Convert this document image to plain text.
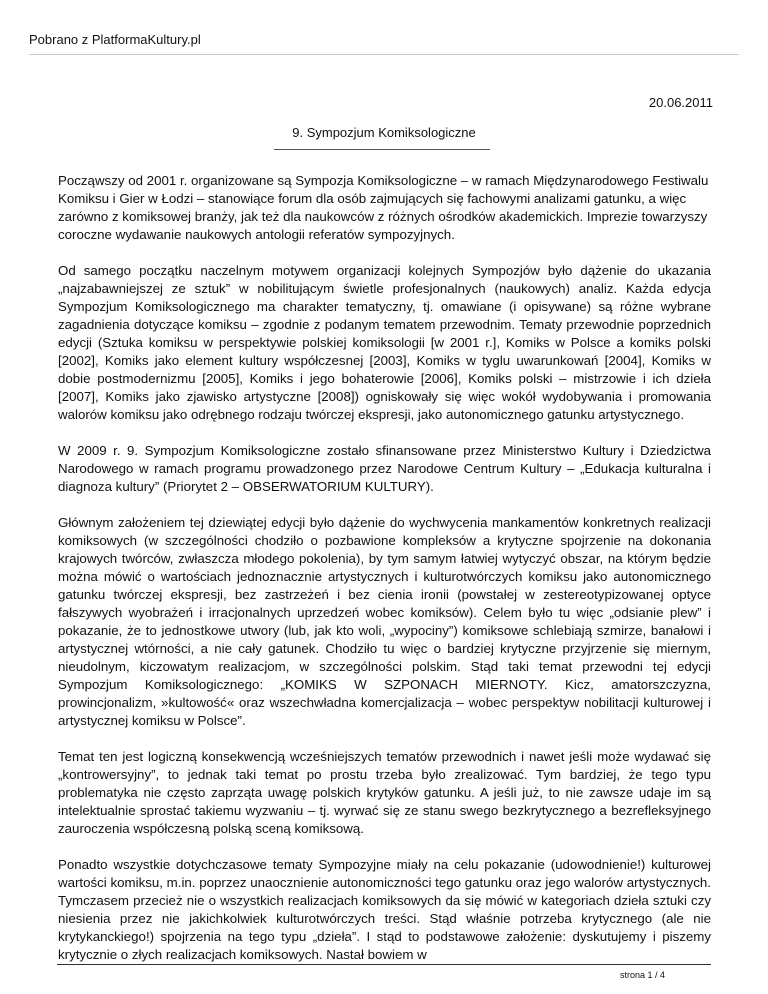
Pobrano z PlatformaKultury.pl
20.06.2011
9. Sympozjum Komiksologiczne

Począwszy od 2001 r. organizowane są Sympozja Komiksologiczne – w ramach Międzynarodowego Festiwalu Komiksu i Gier w Łodzi – stanowiące forum dla osób zajmujących się fachowymi analizami gatunku, a więc zarówno z komiksowej branży, jak też dla naukowców z różnych ośrodków akademickich. Imprezie towarzyszy coroczne wydawanie naukowych antologii referatów sympozyjnych.

Od samego początku naczelnym motywem organizacji kolejnych Sympozjów było dążenie do ukazania „najzabawniejszej ze sztuk” w nobilitującym świetle profesjonalnych (naukowych) analiz. Każda edycja Sympozjum Komiksologicznego ma charakter tematyczny, tj. omawiane (i opisywane) są różne wybrane zagadnienia dotyczące komiksu – zgodnie z podanym tematem przewodnim. Tematy przewodnie poprzednich edycji (Sztuka komiksu w perspektywie polskiej komiksologii [w 2001 r.], Komiks w Polsce a komiks polski [2002], Komiks jako element kultury współczesnej [2003], Komiks w tyglu uwarunkowań [2004], Komiks w dobie postmodernizmu [2005], Komiks i jego bohaterowie [2006], Komiks polski – mistrzowie i ich dzieła [2007], Komiks jako zjawisko artystyczne [2008]) ogniskowały się więc wokół wydobywania i promowania walorów komiksu jako odrębnego rodzaju twórczej ekspresji, jako autonomicznego gatunku artystycznego.

W 2009 r. 9. Sympozjum Komiksologiczne zostało sfinansowane przez Ministerstwo Kultury i Dziedzictwa Narodowego w ramach programu prowadzonego przez Narodowe Centrum Kultury – „Edukacja kulturalna i diagnoza kultury” (Priorytet 2 – OBSERWATORIUM KULTURY).

Głównym założeniem tej dziewiątej edycji było dążenie do wychwycenia mankamentów konkretnych realizacji komiksowych (w szczególności chodziło o pozbawione kompleksów a krytyczne spojrzenie na dokonania krajowych twórców, zwłaszcza młodego pokolenia), by tym samym łatwiej wytyczyć obszar, na którym będzie można mówić o wartościach jednoznacznie artystycznych i kulturotwórczych komiksu jako autonomicznego gatunku twórczej ekspresji, bez zastrzeżeń i bez cienia ironii (powstałej w zestereotypizowanej optyce fałszywych wyobrażeń i irracjonalnych uprzedzeń wobec komiksów). Celem było tu więc „odsianie plew” i pokazanie, że to jednostkowe utwory (lub, jak kto woli, „wypociny”) komiksowe schlebiają szmirze, banałowi i artystycznej wtórności, a nie cały gatunek. Chodziło tu więc o bardziej krytyczne przyjrzenie się miernym, nieudolnym, kiczowatym realizacjom, w szczególności polskim. Stąd taki temat przewodni tej edycji Sympozjum Komiksologicznego: „KOMIKS W SZPONACH MIERNOTY. Kicz, amatorszczyzna, prowincjonalizm, »kultowość« oraz wszechwładna komercjalizacja – wobec perspektyw nobilitacji kulturowej i artystycznej komiksu w Polsce”.

Temat ten jest logiczną konsekwencją wcześniejszych tematów przewodnich i nawet jeśli może wydawać się „kontrowersyjny”, to jednak taki temat po prostu trzeba było zrealizować. Tym bardziej, że tego typu problematyka nie często zaprząta uwagę polskich krytyków gatunku. A jeśli już, to nie zawsze udaje im są intelektualnie sprostać takiemu wyzwaniu – tj. wyrwać się ze stanu swego bezkrytycznego a bezrefleksyjnego zauroczenia współczesną polską sceną komiksową.

Ponadto wszystkie dotychczasowe tematy Sympozyjne miały na celu pokazanie (udowodnienie!) kulturowej wartości komiksu, m.in. poprzez unaocznienie autonomiczności tego gatunku oraz jego walorów artystycznych. Tymczasem przecież nie o wszystkich realizacjach komiksowych da się mówić w kategoriach dzieła sztuki czy niesienia przez nie jakichkolwiek kulturotwórczych treści. Stąd właśnie potrzeba krytycznego (ale nie krytykanckiego!) spojrzenia na tego typu „dzieła”. I stąd to podstawowe założenie: dyskutujemy i piszemy krytycznie o złych realizacjach komiksowych. Nastał bowiem w

strona 1 / 4
